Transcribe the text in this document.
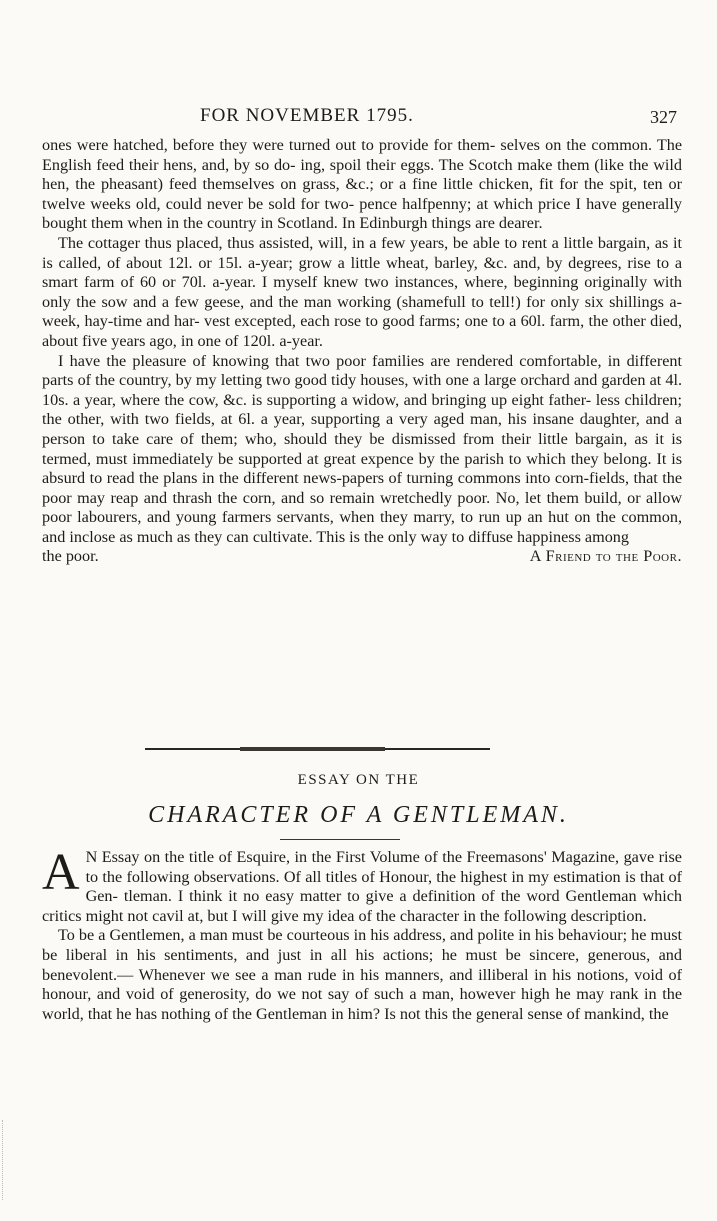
FOR NOVEMBER 1795.	327

ones were hatched, before they were turned out to provide for them- selves on the common. The English feed their hens, and, by so do- ing, spoil their eggs. The Scotch make them (like the wild hen, the pheasant) feed themselves on grass, &c.; or a fine little chicken, fit for the spit, ten or twelve weeks old, could never be sold for two- pence halfpenny; at which price I have generally bought them when in the country in Scotland. In Edinburgh things are dearer.

The cottager thus placed, thus assisted, will, in a few years, be able to rent a little bargain, as it is called, of about 12l. or 15l. a-year; grow a little wheat, barley, &c. and, by degrees, rise to a smart farm of 60 or 70l. a-year. I myself knew two instances, where, beginning originally with only the sow and a few geese, and the man working (shamefull to tell!) for only six shillings a-week, hay-time and har- vest excepted, each rose to good farms; one to a 60l. farm, the other died, about five years ago, in one of 120l. a-year.

I have the pleasure of knowing that two poor families are rendered comfortable, in different parts of the country, by my letting two good tidy houses, with one a large orchard and garden at 4l. 10s. a year, where the cow, &c. is supporting a widow, and bringing up eight father- less children; the other, with two fields, at 6l. a year, supporting a very aged man, his insane daughter, and a person to take care of them; who, should they be dismissed from their little bargain, as it is termed, must immediately be supported at great expence by the parish to which they belong. It is absurd to read the plans in the different news-papers of turning commons into corn-fields, that the poor may reap and thrash the corn, and so remain wretchedly poor. No, let them build, or allow poor labourers, and young farmers servants, when they marry, to run up an hut on the common, and inclose as much as they can cultivate. This is the only way to diffuse happiness among

the poor.	A Friend to the Poor.
ESSAY ON THE
CHARACTER OF A GENTLEMAN.

A N Essay on the title of Esquire, in the First Volume of the Freemasons' Magazine, gave rise to the following observations. Of all titles of Honour, the highest in my estimation is that of Gen- tleman. I think it no easy matter to give a definition of the word Gentleman which critics might not cavil at, but I will give my idea of the character in the following description.

To be a Gentlemen, a man must be courteous in his address, and polite in his behaviour; he must be liberal in his sentiments, and just in all his actions; he must be sincere, generous, and benevolent.— Whenever we see a man rude in his manners, and illiberal in his notions, void of honour, and void of generosity, do we not say of such a man, however high he may rank in the world, that he has nothing of the Gentleman in him? Is not this the general sense of mankind, the
